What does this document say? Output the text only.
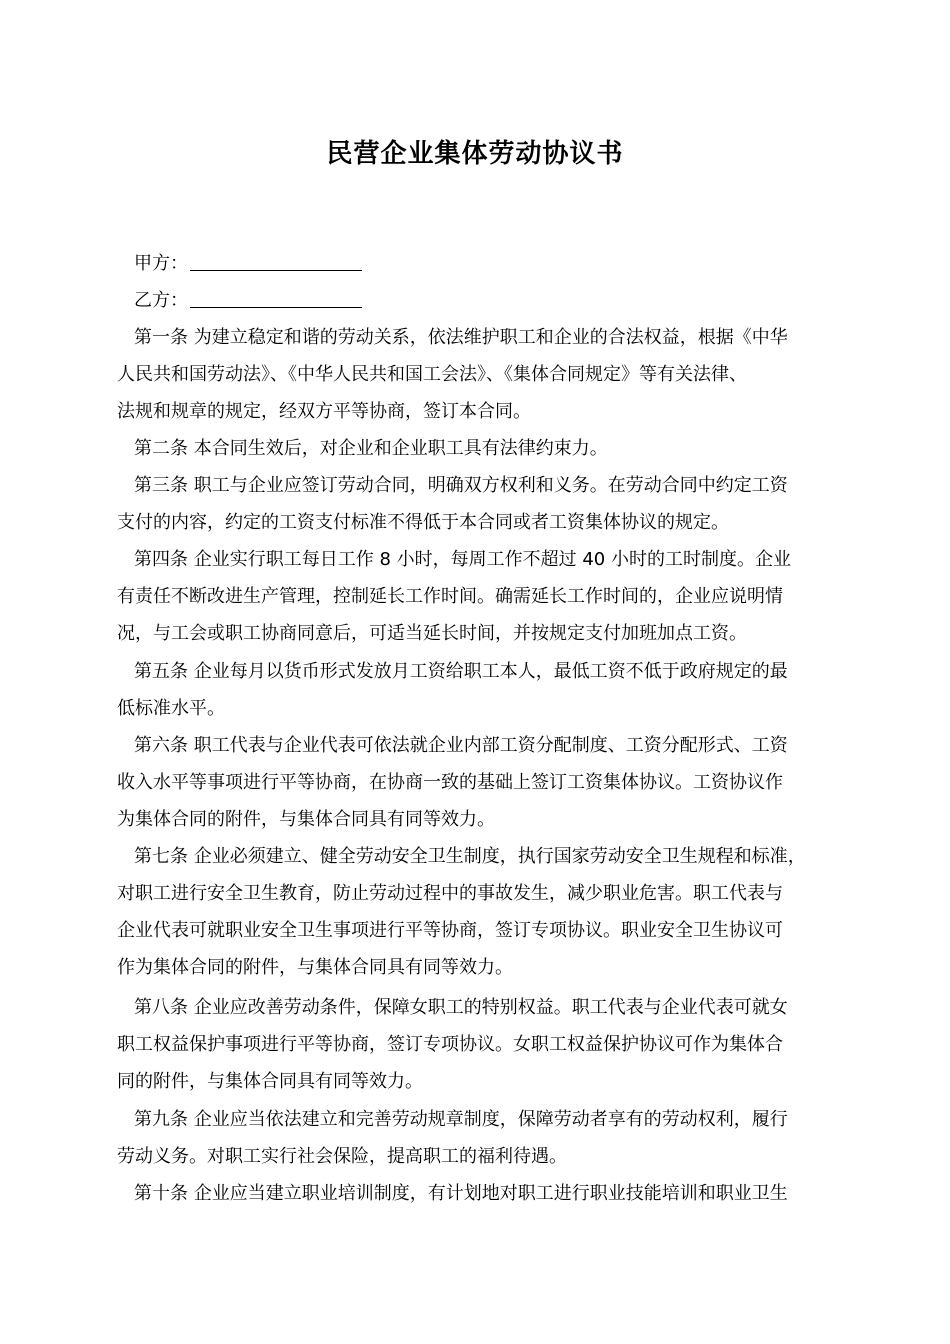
民营企业集体劳动协议书
甲方：
乙方：
第一条 为建立稳定和谐的劳动关系，依法维护职工和企业的合法权益，根据《中华
人民共和国劳动法》、《中华人民共和国工会法》、《集体合同规定》等有关法律、
法规和规章的规定，经双方平等协商，签订本合同。
第二条 本合同生效后，对企业和企业职工具有法律约束力。
第三条 职工与企业应签订劳动合同，明确双方权利和义务。在劳动合同中约定工资
支付的内容，约定的工资支付标准不得低于本合同或者工资集体协议的规定。
第四条 企业实行职工每日工作 8 小时，每周工作不超过 40 小时的工时制度。企业
有责任不断改进生产管理，控制延长工作时间。确需延长工作时间的，企业应说明情
况，与工会或职工协商同意后，可适当延长时间，并按规定支付加班加点工资。
第五条 企业每月以货币形式发放月工资给职工本人，最低工资不低于政府规定的最
低标准水平。
第六条 职工代表与企业代表可依法就企业内部工资分配制度、工资分配形式、工资
收入水平等事项进行平等协商，在协商一致的基础上签订工资集体协议。工资协议作
为集体合同的附件，与集体合同具有同等效力。
第七条 企业必须建立、健全劳动安全卫生制度，执行国家劳动安全卫生规程和标准，
对职工进行安全卫生教育，防止劳动过程中的事故发生，减少职业危害。职工代表与
企业代表可就职业安全卫生事项进行平等协商，签订专项协议。职业安全卫生协议可
作为集体合同的附件，与集体合同具有同等效力。
第八条 企业应改善劳动条件，保障女职工的特别权益。职工代表与企业代表可就女
职工权益保护事项进行平等协商，签订专项协议。女职工权益保护协议可作为集体合
同的附件，与集体合同具有同等效力。
第九条 企业应当依法建立和完善劳动规章制度，保障劳动者享有的劳动权利，履行
劳动义务。对职工实行社会保险，提高职工的福利待遇。
第十条 企业应当建立职业培训制度，有计划地对职工进行职业技能培训和职业卫生
